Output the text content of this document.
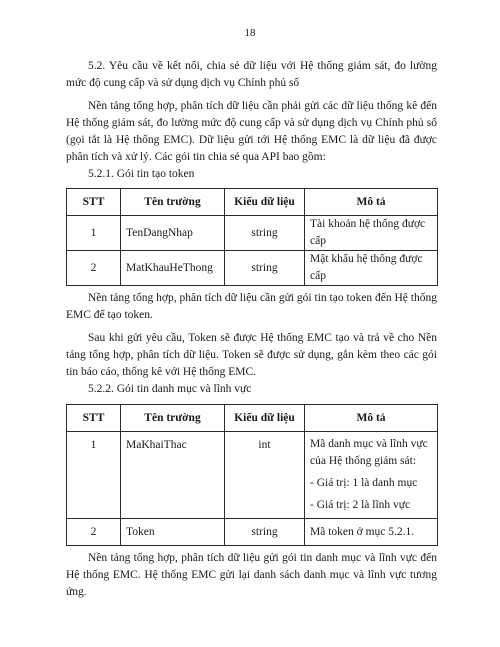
18

5.2. Yêu cầu về kết nối, chia sẻ dữ liệu với Hệ thống giám sát, đo lường mức độ cung cấp và sử dụng dịch vụ Chính phủ số

Nền tảng tổng hợp, phân tích dữ liệu cần phải gửi các dữ liệu thống kê đến Hệ thống giám sát, đo lường mức độ cung cấp và sử dụng dịch vụ Chính phủ số (gọi tắt là Hệ thống EMC). Dữ liệu gửi tới Hệ thống EMC là dữ liệu đã được phân tích và xử lý. Các gói tin chia sẻ qua API bao gồm:

5.2.1. Gói tin tạo token
STT	Tên trường	Kiểu dữ liệu	Mô tả
1	TenDangNhap	string	Tài khoản hệ thống được cấp
2	MatKhauHeThong	string	Mật khẩu hệ thống được cấp

Nền tảng tổng hợp, phân tích dữ liệu cần gửi gói tin tạo token đến Hệ thống EMC để tạo token.

Sau khi gửi yêu cầu, Token sẽ được Hệ thống EMC tạo và trả về cho Nền tảng tổng hợp, phân tích dữ liệu. Token sẽ được sử dụng, gắn kèm theo các gói tin báo cáo, thống kê với Hệ thống EMC.

5.2.2. Gói tin danh mục và lĩnh vực
STT	Tên trường	Kiểu dữ liệu	Mô tả
1	MaKhaiThac	int	Mã danh mục và lĩnh vực của Hệ thống giám sát:
- Giá trị: 1 là danh mục
- Giá trị: 2 là lĩnh vực

2	Token	string	Mã token ở mục 5.2.1.

Nền tảng tổng hợp, phân tích dữ liệu gửi gói tin danh mục và lĩnh vực đến Hệ thống EMC. Hệ thống EMC gửi lại danh sách danh mục và lĩnh vực tương ứng.
